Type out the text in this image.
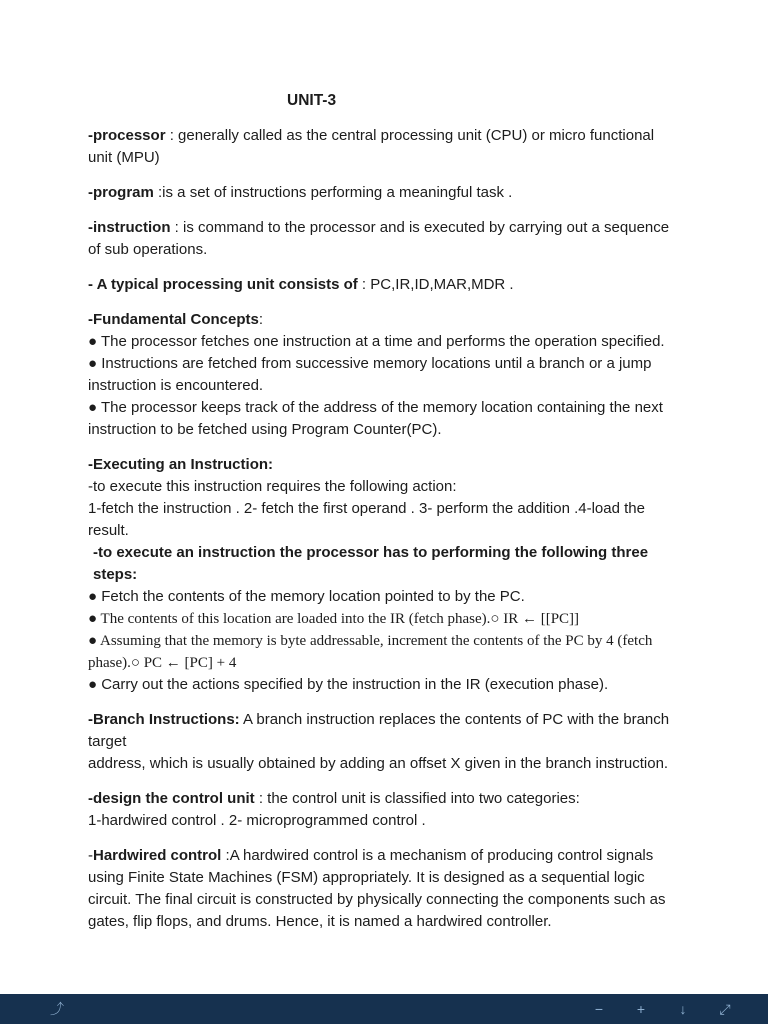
UNIT-3

-processor : generally called as the central processing unit (CPU) or micro functional unit (MPU)

-program :is a set of instructions performing a meaningful task .

-instruction : is command to the processor and is executed by carrying out a sequence of sub operations.

- A typical processing unit consists of : PC,IR,ID,MAR,MDR .

-Fundamental Concepts:
● The processor fetches one instruction at a time and performs the operation specified.
● Instructions are fetched from successive memory locations until a branch or a jump instruction is encountered.
● The processor keeps track of the address of the memory location containing the next instruction to be fetched using Program Counter(PC).
-Executing an Instruction:
-to execute this instruction requires the following action:
1-fetch the instruction . 2- fetch the first operand . 3- perform the addition .4-load the result.
-to execute an instruction the processor has to performing the following three steps:
● Fetch the contents of the memory location pointed to by the PC.
● The contents of this location are loaded into the IR (fetch phase).○ IR ← [[PC]]
● Assuming that the memory is byte addressable, increment the contents of the PC by 4 (fetch phase).○ PC ← [PC] + 4
● Carry out the actions specified by the instruction in the IR (execution phase).

-Branch Instructions: A branch instruction replaces the contents of PC with the branch target

address, which is usually obtained by adding an offset X given in the branch instruction.

-design the control unit : the control unit is classified into two categories:

1-hardwired control . 2- microprogrammed control .

-Hardwired control :A hardwired control is a mechanism of producing control signals using Finite State Machines (FSM) appropriately. It is designed as a sequential logic circuit. The final circuit is constructed by physically connecting the components such as gates, flip flops, and drums. Hence, it is named a hardwired controller.

⤴	−	+	↓	⤢
